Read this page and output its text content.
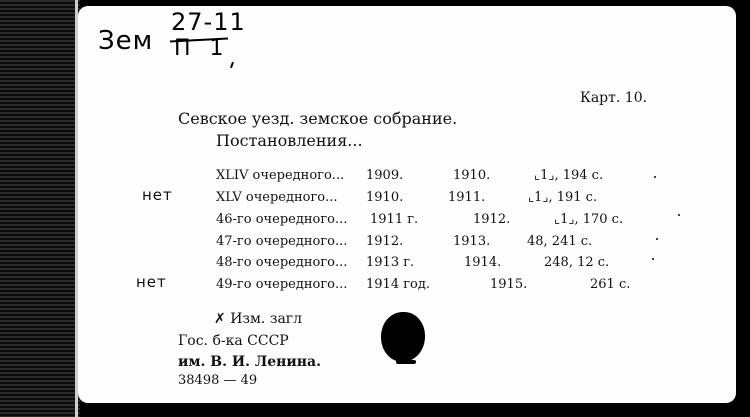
Зем
27-11
П 1
Карт. 10.
Севское уезд. земское собрание.
Постановления...
XLIV очередного... 1909.	1910.	⌞1⌟, 194 с.
XLV очередного... 1910.	1911.	⌞1⌟, 191 с.
46-го очередного... 1911 г.	1912.	⌞1⌟, 170 с.
47-го очередного... 1912.	1913.	48, 241 с.
48-го очередного... 1913 г.	1914.	248, 12 с.
49-го очередного... 1914 год.	1915.	261 с.
нет
нет
✗ Изм. загл
Гос. б-ка СССР
им. В. И. Ленина.
38498 — 49
